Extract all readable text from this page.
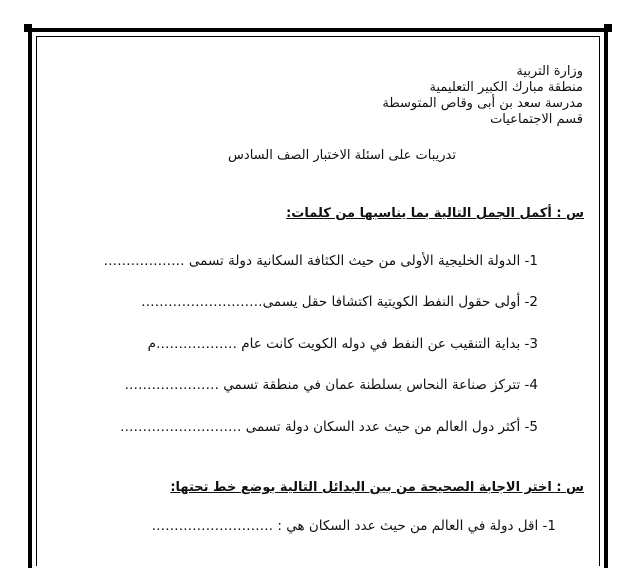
وزارة التربية
منطقة مبارك الكبير التعليمية
مدرسة سعد بن أبى وقاص المتوسطة
قسم الاجتماعيات
تدريبات على اسئلة الاختبار الصف السادس
س : أكمل الجمل التالية بما يناسبها من كلمات:
1- الدولة الخليجية الأولى من حيث الكثافة السكانية دولة تسمى ………………
2- أولى حقول النفط الكويتية اكتشافا حقل يسمى………………………
3- بداية التنقيب عن النفط في دوله الكويت كانت عام ………………م
4- تتركز صناعة النحاس بسلطنة عمان في منطقة تسمي …………………
5- أكثر دول العالم من حيث عدد السكان دولة تسمى ………………………
س : اختر الاجابة الصحيحة من بين البدائل التالية بوضع خط تحتها:
1- اقل دولة في العالم من حيث عدد السكان هي : ………………………
